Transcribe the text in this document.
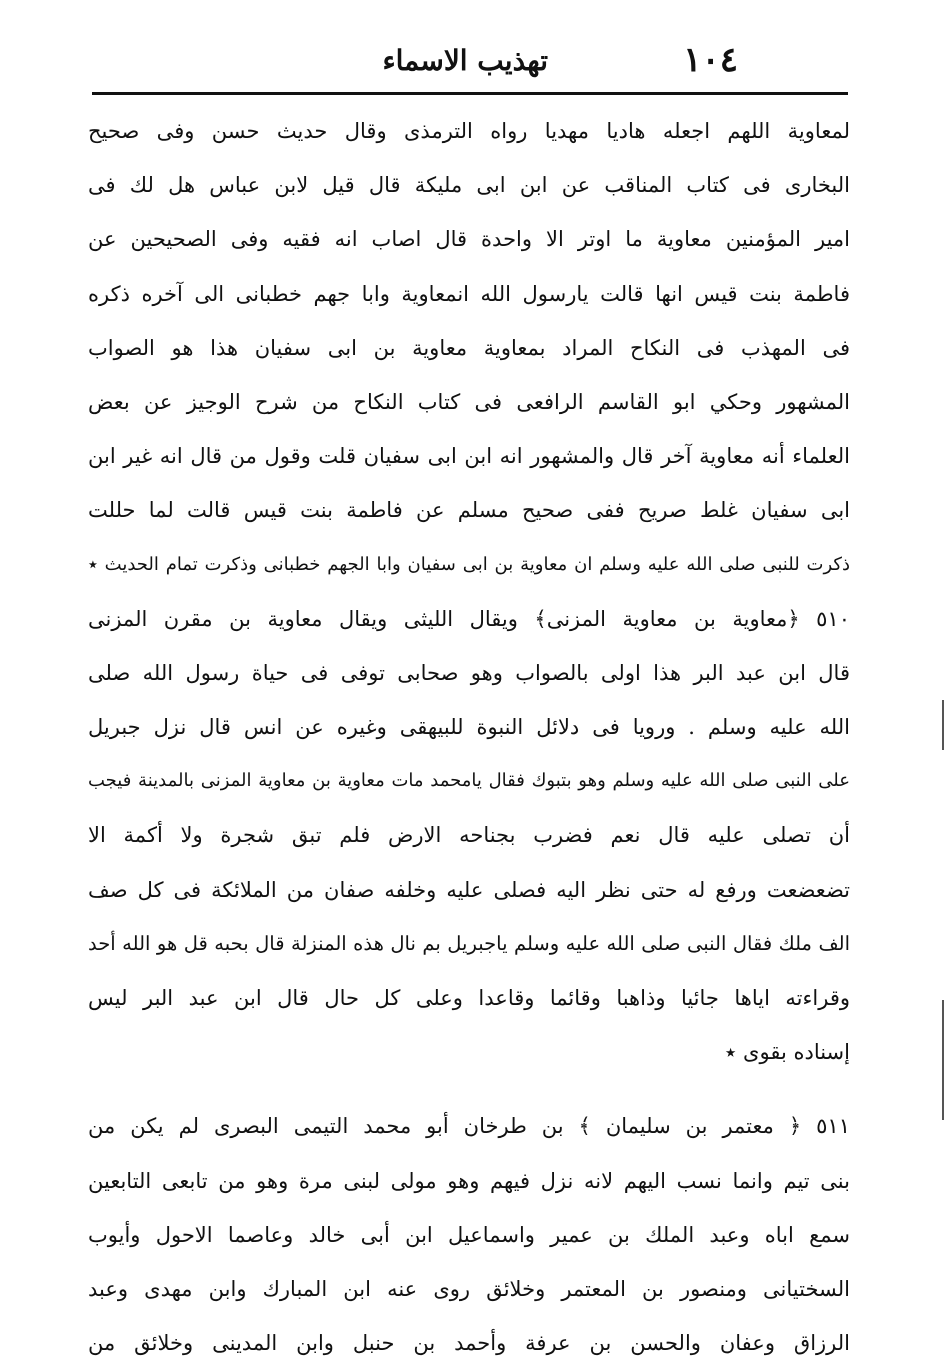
١٠٤
تهذيب الاسماء
لمعاوية اللهم اجعله هاديا مهديا رواه الترمذى وقال حديث حسن وفى صحيح
البخارى فى كتاب المناقب عن ابن ابى مليكة قال قيل لابن عباس هل لك فى
امير المؤمنين معاوية ما اوتر الا واحدة قال اصاب انه فقيه وفى الصحيحين عن
فاطمة بنت قيس انها قالت يارسول الله انمعاوية وابا جهم خطبانى الى آخره ذكره
فى المهذب فى النكاح المراد بمعاوية معاوية بن ابى سفيان هذا هو الصواب
المشهور وحكي ابو القاسم الرافعى فى كتاب النكاح من شرح الوجيز عن بعض
العلماء أنه معاوية آخر قال والمشهور انه ابن ابى سفيان قلت وقول من قال انه غير ابن
ابى سفيان غلط صريح ففى صحيح مسلم عن فاطمة بنت قيس قالت لما حللت
ذكرت للنبى صلى الله عليه وسلم ان معاوية بن ابى سفيان وابا الجهم خطبانى وذكرت تمام الحديث ٭
٥١٠ ﴿معاوية بن معاوية المزنى﴾ ويقال الليثى ويقال معاوية بن مقرن المزنى
قال ابن عبد البر هذا اولى بالصواب وهو صحابى توفى فى حياة رسول الله صلى
الله عليه وسلم . ورويا فى دلائل النبوة للبيهقى وغيره عن انس قال نزل جبريل
على النبى صلى الله عليه وسلم وهو بتبوك فقال يامحمد مات معاوية بن معاوية المزنى بالمدينة فيجب
أن تصلى عليه قال نعم فضرب بجناحه الارض فلم تبق شجرة ولا أكمة الا
تضعضعت ورفع له حتى نظر اليه فصلى عليه وخلفه صفان من الملائكة فى كل صف
الف ملك فقال النبى صلى الله عليه وسلم ياجبريل بم نال هذه المنزلة قال بحبه قل هو الله أحد
وقراءته اياها جائيا وذاهبا وقائما وقاعدا وعلى كل حال قال ابن عبد البر ليس
إسناده بقوى ٭
٥١١ ﴿ معتمر بن سليمان ﴾ بن طرخان أبو محمد التيمى البصرى لم يكن من
بنى تيم وانما نسب اليهم لانه نزل فيهم وهو مولى لبنى مرة وهو من تابعى التابعين
سمع اباه وعبد الملك بن عمير واسماعيل ابن أبى خالد وعاصما الاحول وأيوب
السختيانى ومنصور بن المعتمر وخلائق روى عنه ابن المبارك وابن مهدى وعبد
الرزاق وعفان والحسن بن عرفة وأحمد بن حنبل وابن المدينى وخلائق من
